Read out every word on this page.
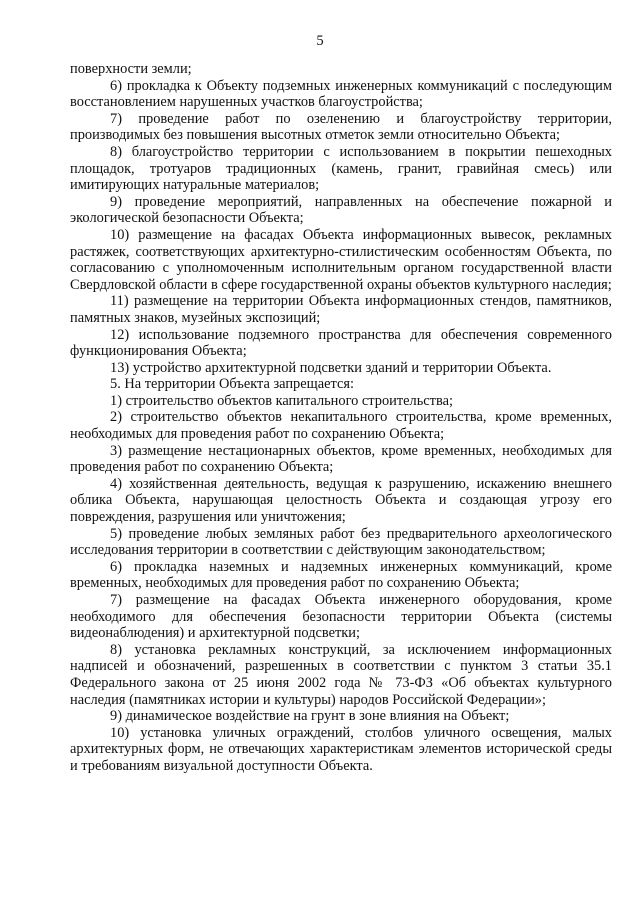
5

поверхности земли;

6) прокладка к Объекту подземных инженерных коммуникаций с последующим восстановлением нарушенных участков благоустройства;

7) проведение работ по озеленению и благоустройству территории, производимых без повышения высотных отметок земли относительно Объекта;

8) благоустройство территории с использованием в покрытии пешеходных площадок, тротуаров традиционных (камень, гранит, гравийная смесь) или имитирующих натуральные материалов;

9) проведение мероприятий, направленных на обеспечение пожарной и экологической безопасности Объекта;

10) размещение на фасадах Объекта информационных вывесок, рекламных растяжек, соответствующих архитектурно-стилистическим особенностям Объекта, по согласованию с уполномоченным исполнительным органом государственной власти Свердловской области в сфере государственной охраны объектов культурного наследия;

11) размещение на территории Объекта информационных стендов, памятников, памятных знаков, музейных экспозиций;

12) использование подземного пространства для обеспечения современного функционирования Объекта;

13) устройство архитектурной подсветки зданий и территории Объекта.

5. На территории Объекта запрещается:

1) строительство объектов капитального строительства;

2) строительство объектов некапитального строительства, кроме временных, необходимых для проведения работ по сохранению Объекта;

3) размещение нестационарных объектов, кроме временных, необходимых для проведения работ по сохранению Объекта;

4) хозяйственная деятельность, ведущая к разрушению, искажению внешнего облика Объекта, нарушающая целостность Объекта и создающая угрозу его повреждения, разрушения или уничтожения;

5) проведение любых земляных работ без предварительного археологического исследования территории в соответствии с действующим законодательством;

6) прокладка наземных и надземных инженерных коммуникаций, кроме временных, необходимых для проведения работ по сохранению Объекта;

7) размещение на фасадах Объекта инженерного оборудования, кроме необходимого для обеспечения безопасности территории Объекта (системы видеонаблюдения) и архитектурной подсветки;

8) установка рекламных конструкций, за исключением информационных надписей и обозначений, разрешенных в соответствии с пунктом 3 статьи 35.1 Федерального закона от 25 июня 2002 года № 73-ФЗ «Об объектах культурного наследия (памятниках истории и культуры) народов Российской Федерации»;

9) динамическое воздействие на грунт в зоне влияния на Объект;

10) установка уличных ограждений, столбов уличного освещения, малых архитектурных форм, не отвечающих характеристикам элементов исторической среды и требованиям визуальной доступности Объекта.
